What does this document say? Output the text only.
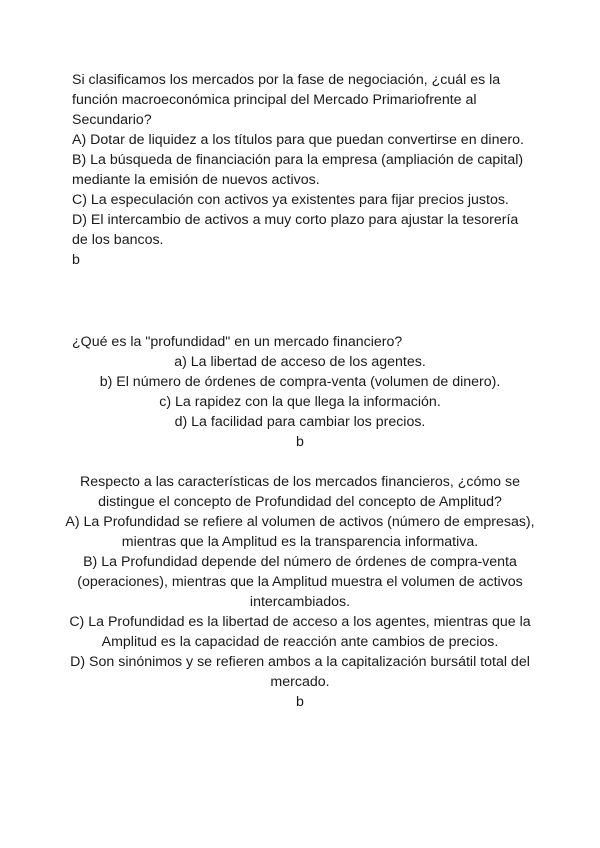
Si clasificamos los mercados por la fase de negociación, ¿cuál es la función macroeconómica principal del Mercado Primariofrente al Secundario?

A) Dotar de liquidez a los títulos para que puedan convertirse en dinero.

B) La búsqueda de financiación para la empresa (ampliación de capital) mediante la emisión de nuevos activos.

C) La especulación con activos ya existentes para fijar precios justos.

D) El intercambio de activos a muy corto plazo para ajustar la tesorería de los bancos.

b

¿Qué es la "profundidad" en un mercado financiero?

a) La libertad de acceso de los agentes.

b) El número de órdenes de compra-venta (volumen de dinero).

c) La rapidez con la que llega la información.

d) La facilidad para cambiar los precios.

b

Respecto a las características de los mercados financieros, ¿cómo se distingue el concepto de Profundidad del concepto de Amplitud?

A) La Profundidad se refiere al volumen de activos (número de empresas), mientras que la Amplitud es la transparencia informativa.

B) La Profundidad depende del número de órdenes de compra-venta (operaciones), mientras que la Amplitud muestra el volumen de activos intercambiados.

C) La Profundidad es la libertad de acceso a los agentes, mientras que la Amplitud es la capacidad de reacción ante cambios de precios.

D) Son sinónimos y se refieren ambos a la capitalización bursátil total del mercado.

b
